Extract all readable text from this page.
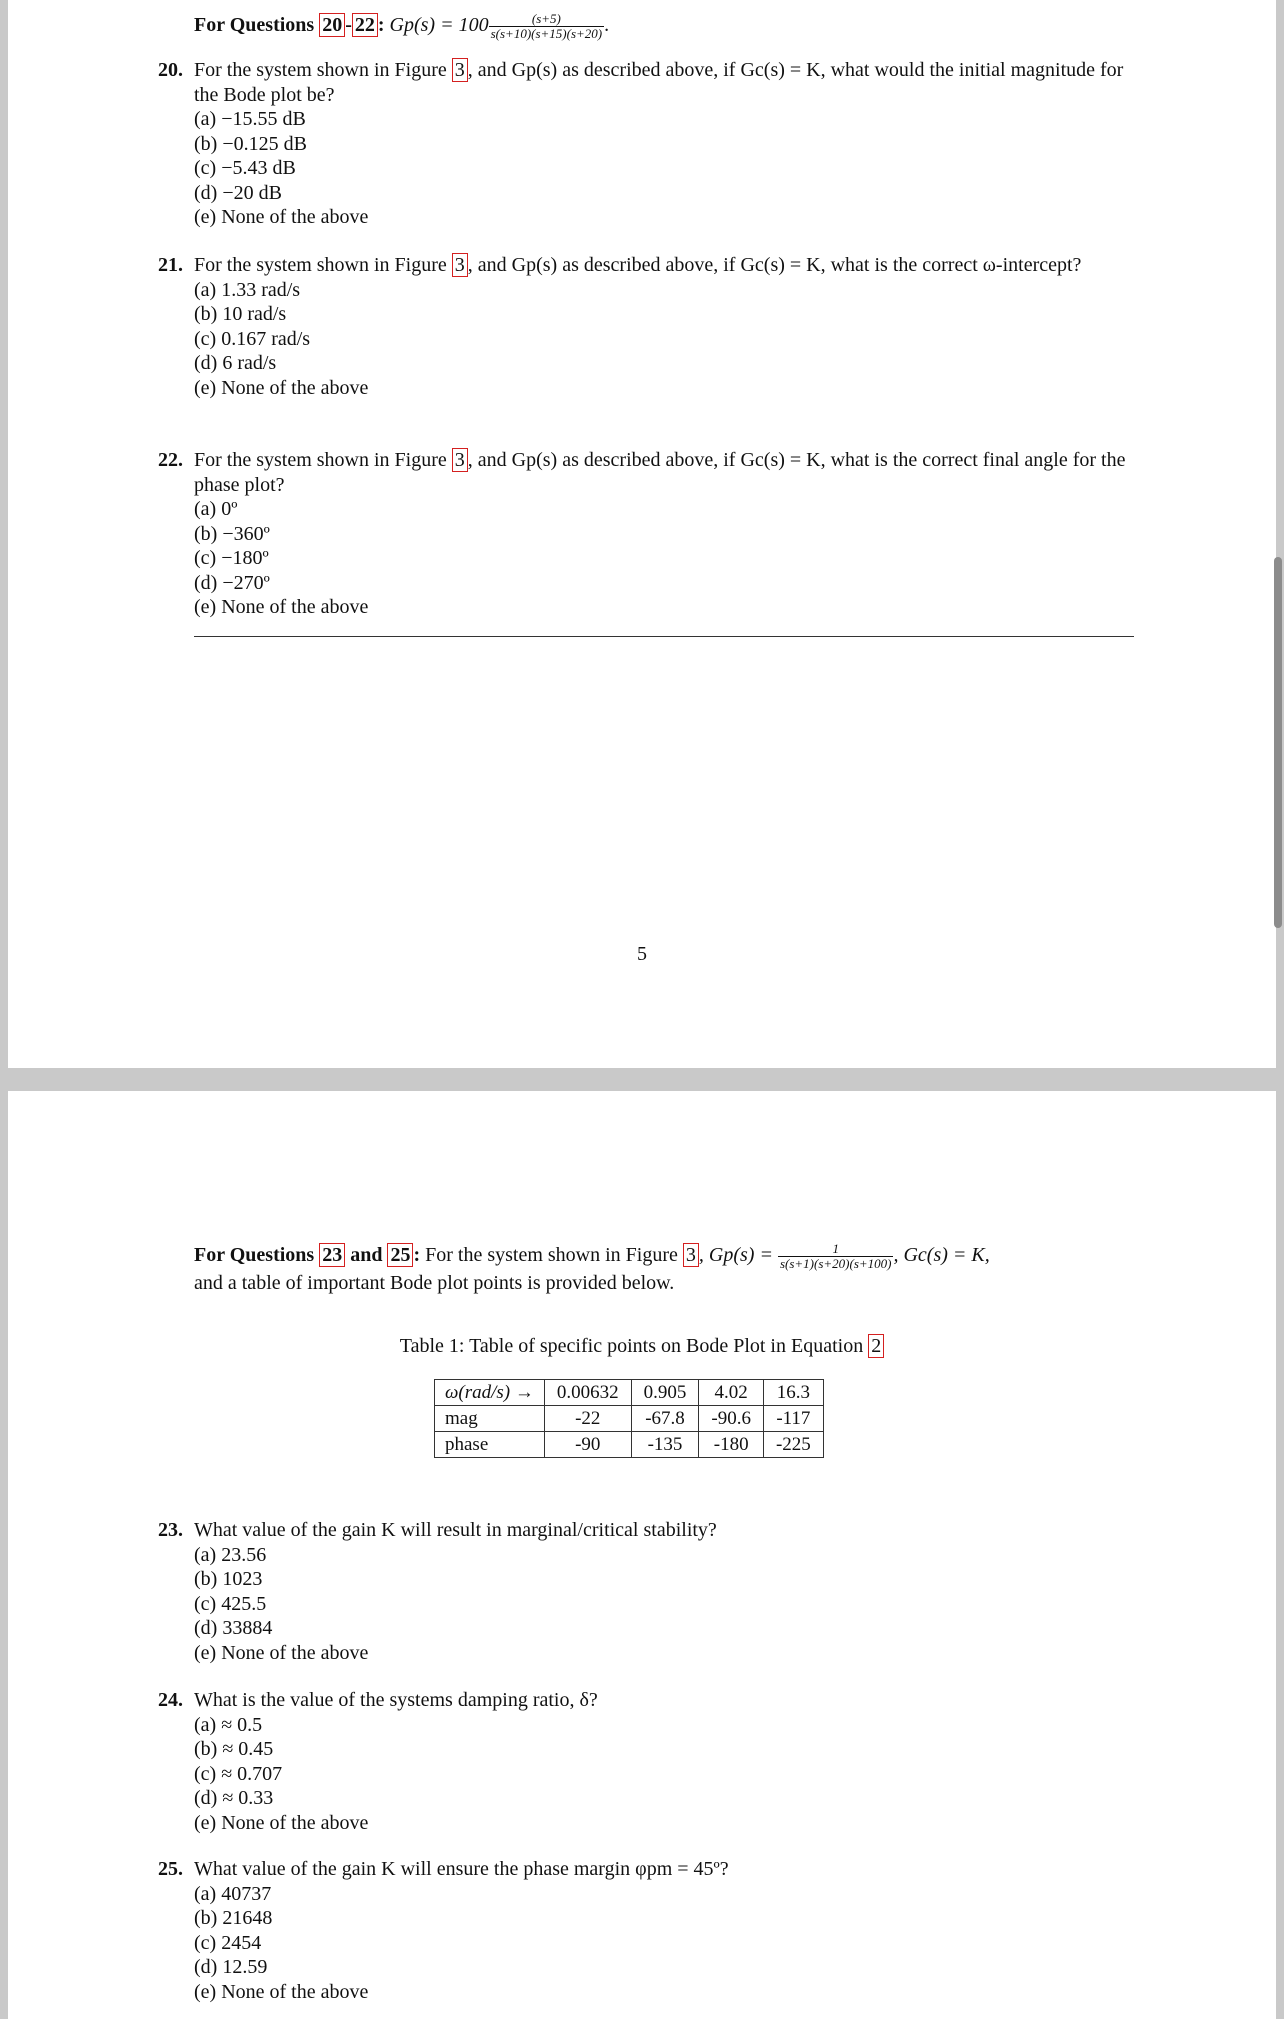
For Questions 20 - 22 : $Gp(s) = 100 \frac{(s+5)}{s(s+10)(s+15)(s+20)}$ .
20. For the system shown in Figure 3 , and Gp(s) as described above, if Gc(s) = K, what would the initial magnitude for the Bode plot be?
(a) −15.55 dB
(b) −0.125 dB
(c) −5.43 dB
(d) −20 dB
(e) None of the above
21. For the system shown in Figure 3 , and Gp(s) as described above, if Gc(s) = K, what is the correct ω-intercept?
(a) 1.33 rad/s
(b) 10 rad/s
(c) 0.167 rad/s
(d) 6 rad/s
(e) None of the above
22. For the system shown in Figure 3 , and Gp(s) as described above, if Gc(s) = K, what is the correct final angle for the phase plot?
(a) 0º
(b) −360º
(c) −180º
(d) −270º
(e) None of the above
5
For Questions 23 and 25 : For the system shown in Figure 3 , $Gp(s) = \frac{1}{s(s+1)(s+20)(s+100)}$ , Gc(s) = K,
and a table of important Bode plot points is provided below.
Table 1: Table of specific points on Bode Plot in Equation 2
ω(rad/s) →	0.00632	0.905	4.02	16.3
mag	-22	-67.8	-90.6	-117
phase	-90	-135	-180	-225
23. What value of the gain K will result in marginal/critical stability?
(a) 23.56
(b) 1023
(c) 425.5
(d) 33884
(e) None of the above
24. What is the value of the systems damping ratio, δ?
(a) ≈ 0.5
(b) ≈ 0.45
(c) ≈ 0.707
(d) ≈ 0.33
(e) None of the above
25. What value of the gain K will ensure the phase margin φpm = 45º?
(a) 40737
(b) 21648
(c) 2454
(d) 12.59
(e) None of the above
